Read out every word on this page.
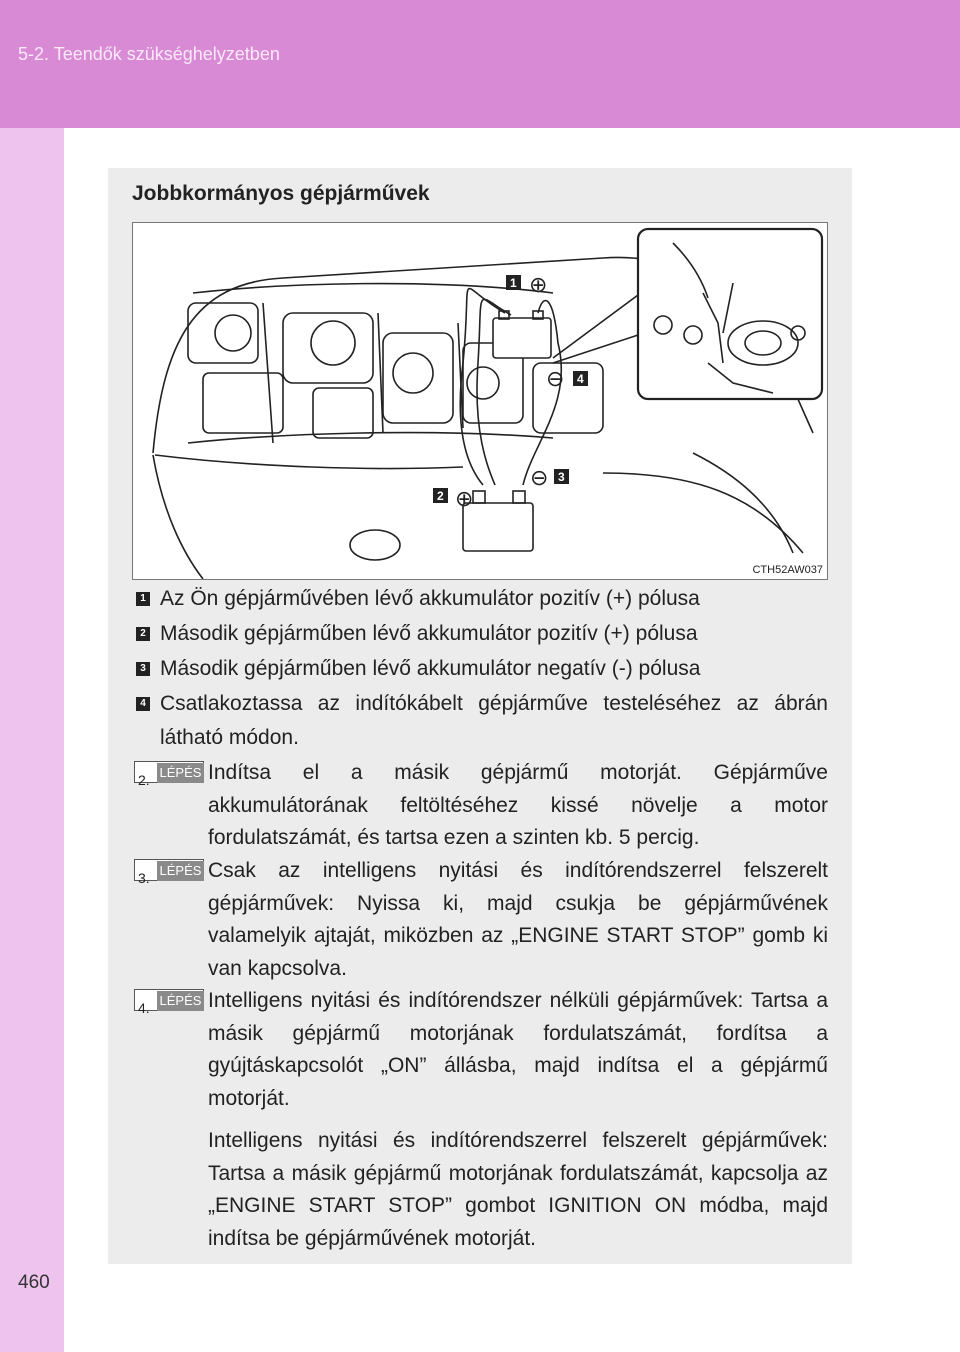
5-2. Teendők szükséghelyzetben
460
Jobbkormányos gépjárművek
1 ⊕
2 ⊕
3
⊖
4
⊖
CTH52AW037
1 Az Ön gépjárművében lévő akkumulátor pozitív (+) pólusa
2 Második gépjárműben lévő akkumulátor pozitív (+) pólusa
3 Második gépjárműben lévő akkumulátor negatív (-) pólusa
4 Csatlakoztassa az indítókábelt gépjárműve testeléséhez az ábrán látható módon.
2. LÉPÉS Indítsa el a másik gépjármű motorját. Gépjárműve akkumulátorának feltöltéséhez kissé növelje a motor fordulatszámát, és tartsa ezen a szinten kb. 5 percig.
3. LÉPÉS Csak az intelligens nyitási és indítórendszerrel felszerelt gépjárművek: Nyissa ki, majd csukja be gépjárművének valamelyik ajtaját, miközben az „ENGINE START STOP” gomb ki van kapcsolva.
4. LÉPÉS Intelligens nyitási és indítórendszer nélküli gépjárművek: Tartsa a másik gépjármű motorjának fordulatszámát, fordítsa a gyújtáskapcsolót „ON” állásba, majd indítsa el a gépjármű motorját.
Intelligens nyitási és indítórendszerrel felszerelt gépjárművek: Tartsa a másik gépjármű motorjának fordulatszámát, kapcsolja az „ENGINE START STOP” gombot IGNITION ON módba, majd indítsa be gépjárművének motorját.
